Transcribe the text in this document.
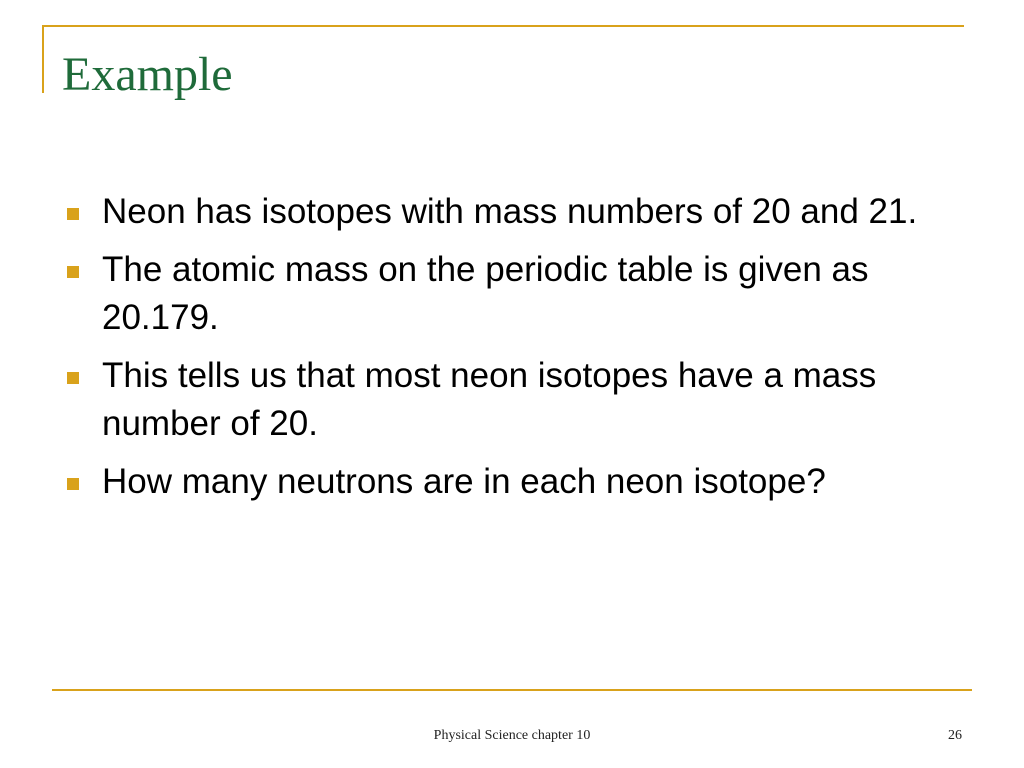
Example
Neon has isotopes with mass numbers of 20 and 21.
The atomic mass on the periodic table is given as 20.179.
This tells us that most neon isotopes have a mass number of 20.
How many neutrons are in each neon isotope?
Physical Science chapter 10	26
